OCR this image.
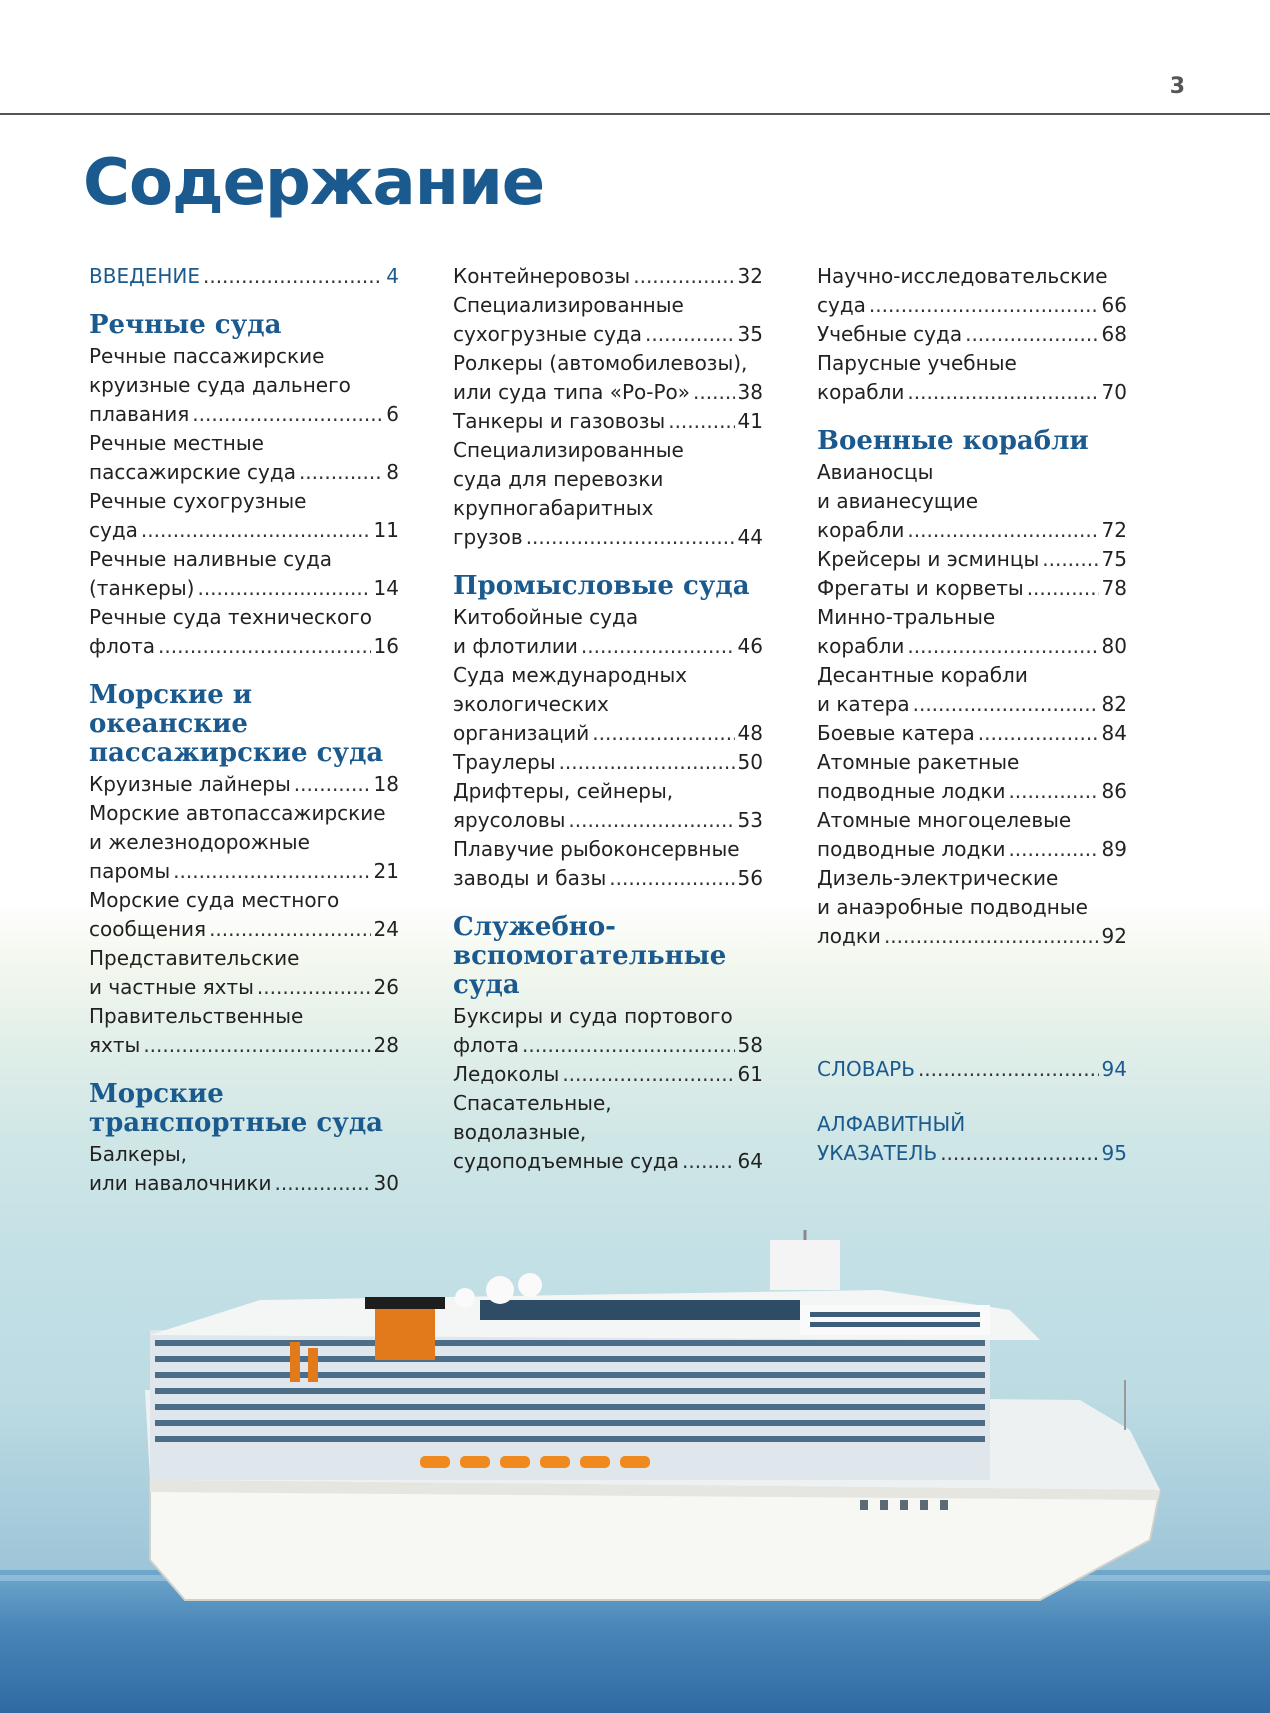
3
Содержание
ВВЕДЕНИЕ .....	4
Речные суда
Речные пассажирские
круизные суда дальнего
плавания .....	6
Речные местные
пассажирские суда .....	8
Речные сухогрузные
суда .....	11
Речные наливные суда
(танкеры) .....	14
Речные суда технического
флота .....	16
Морские и океанские
пассажирские суда
Круизные лайнеры .....	18
Морские автопассажирские
и железнодорожные
паромы .....	21
Морские суда местного
сообщения .....	24
Представительские
и частные яхты .....	26
Правительственные
яхты .....	28
Морские
транспортные суда
Балкеры,
или навалочники .....	30
Контейнеровозы .....	32
Специализированные
сухогрузные суда .....	35
Ролкеры (автомобилевозы),
или суда типа «Ро-Ро» ..... 38
Танкеры и газовозы .....	41
Специализированные
суда для перевозки
крупногабаритных
грузов .....	44
Промысловые суда
Китобойные суда
и флотилии .....	46
Суда международных
экологических
организаций .....	48
Траулеры .....	50
Дрифтеры, сейнеры,
ярусоловы .....	53
Плавучие рыбоконсервные
заводы и базы .....	56
Служебно-
вспомогательные
суда
Буксиры и суда портового
флота .....	58
Ледоколы .....	61
Спасательные,
водолазные,
судоподъемные суда .....	64
Научно-исследовательские
суда .....	66
Учебные суда .....	68
Парусные учебные
корабли .....	70
Военные корабли
Авианосцы
и авианесущие
корабли .....	72
Крейсеры и эсминцы .....	75
Фрегаты и корветы .....	78
Минно-тральные
корабли .....	80
Десантные корабли
и катера .....	82
Боевые катера .....	84
Атомные ракетные
подводные лодки .....	86
Атомные многоцелевые
подводные лодки .....	89
Дизель-электрические
и анаэробные подводные
лодки .....	92
СЛОВАРЬ .....	94
АЛФАВИТНЫЙ
УКАЗАТЕЛЬ .....	95
